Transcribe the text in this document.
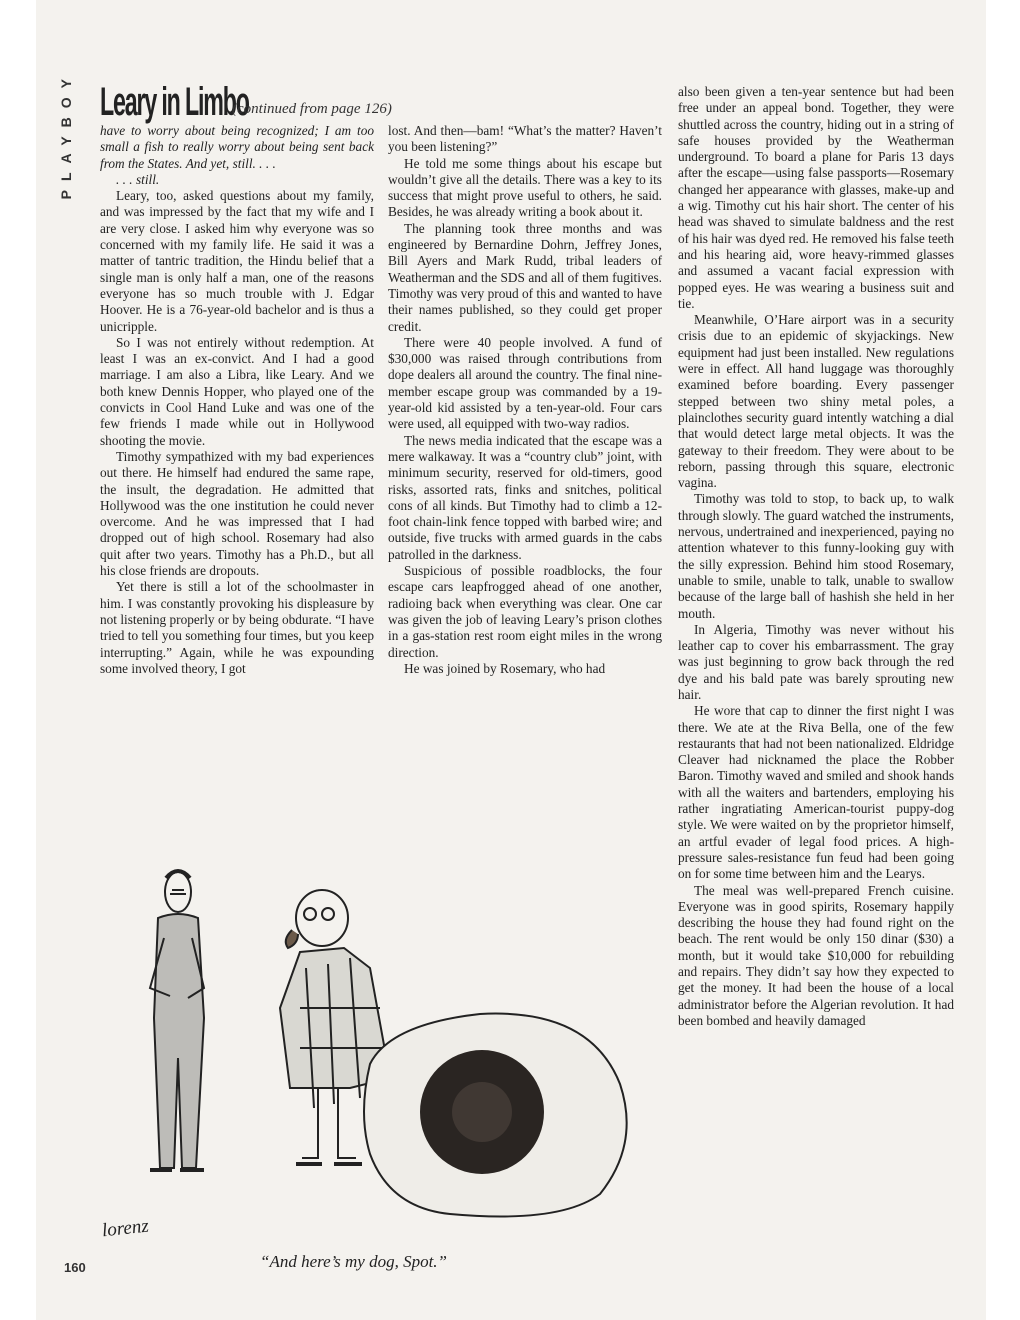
PLAYBOY Leary in Limbo
(continued from page 126)

have to worry about being recognized; I am too small a fish to really worry about being sent back from the States. And yet, still. . . .

. . . still.

Leary, too, asked questions about my family, and was impressed by the fact that my wife and I are very close. I asked him why everyone was so concerned with my family life. He said it was a matter of tantric tradition, the Hindu belief that a single man is only half a man, one of the reasons everyone has so much trouble with J. Edgar Hoover. He is a 76-year-old bachelor and is thus a unicripple.

So I was not entirely without redemption. At least I was an ex-convict. And I had a good marriage. I am also a Libra, like Leary. And we both knew Dennis Hopper, who played one of the convicts in Cool Hand Luke and was one of the few friends I made while out in Hollywood shooting the movie.

Timothy sympathized with my bad experiences out there. He himself had endured the same rape, the insult, the degradation. He admitted that Hollywood was the one institution he could never overcome. And he was impressed that I had dropped out of high school. Rosemary had also quit after two years. Timothy has a Ph.D., but all his close friends are dropouts.

Yet there is still a lot of the schoolmaster in him. I was constantly provoking his displeasure by not listening properly or by being obdurate. “I have tried to tell you something four times, but you keep interrupting.” Again, while he was expounding some involved theory, I got

lost. And then—bam! “What’s the matter? Haven’t you been listening?”

He told me some things about his escape but wouldn’t give all the details. There was a key to its success that might prove useful to others, he said. Besides, he was already writing a book about it.

The planning took three months and was engineered by Bernardine Dohrn, Jeffrey Jones, Bill Ayers and Mark Rudd, tribal leaders of Weatherman and the SDS and all of them fugitives. Timothy was very proud of this and wanted to have their names published, so they could get proper credit.

There were 40 people involved. A fund of $30,000 was raised through contributions from dope dealers all around the country. The final nine-member escape group was commanded by a 19-year-old kid assisted by a ten-year-old. Four cars were used, all equipped with two-way radios.

The news media indicated that the escape was a mere walkaway. It was a “country club” joint, with minimum security, reserved for old-timers, good risks, assorted rats, finks and snitches, political cons of all kinds. But Timothy had to climb a 12-foot chain-link fence topped with barbed wire; and outside, five trucks with armed guards in the cabs patrolled in the darkness.

Suspicious of possible roadblocks, the four escape cars leapfrogged ahead of one another, radioing back when everything was clear. One car was given the job of leaving Leary’s prison clothes in a gas-station rest room eight miles in the wrong direction.

He was joined by Rosemary, who had

also been given a ten-year sentence but had been free under an appeal bond. Together, they were shuttled across the country, hiding out in a string of safe houses provided by the Weatherman underground. To board a plane for Paris 13 days after the escape—using false passports—Rosemary changed her appearance with glasses, make-up and a wig. Timothy cut his hair short. The center of his head was shaved to simulate baldness and the rest of his hair was dyed red. He removed his false teeth and his hearing aid, wore heavy-rimmed glasses and assumed a vacant facial expression with popped eyes. He was wearing a business suit and tie.

Meanwhile, O’Hare airport was in a security crisis due to an epidemic of skyjackings. New equipment had just been installed. New regulations were in effect. All hand luggage was thoroughly examined before boarding. Every passenger stepped between two shiny metal poles, a plainclothes security guard intently watching a dial that would detect large metal objects. It was the gateway to their freedom. They were about to be reborn, passing through this square, electronic vagina.

Timothy was told to stop, to back up, to walk through slowly. The guard watched the instruments, nervous, undertrained and inexperienced, paying no attention whatever to this funny-looking guy with the silly expression. Behind him stood Rosemary, unable to smile, unable to talk, unable to swallow because of the large ball of hashish she held in her mouth.

In Algeria, Timothy was never without his leather cap to cover his embarrassment. The gray was just beginning to grow back through the red dye and his bald pate was barely sprouting new hair.

He wore that cap to dinner the first night I was there. We ate at the Riva Bella, one of the few restaurants that had not been nationalized. Eldridge Cleaver had nicknamed the place the Robber Baron. Timothy waved and smiled and shook hands with all the waiters and bartenders, employing his rather ingratiating American-tourist puppy-dog style. We were waited on by the proprietor himself, an artful evader of legal food prices. A high-pressure sales-resistance fun feud had been going on for some time between him and the Learys.

The meal was well-prepared French cuisine. Everyone was in good spirits, Rosemary happily describing the house they had found right on the beach. The rent would be only 150 dinar ($30) a month, but it would take $10,000 for rebuilding and repairs. They didn’t say how they expected to get the money. It had been the house of a local administrator before the Algerian revolution. It had been bombed and heavily damaged

lorenz
“And here’s my dog, Spot.”
160
